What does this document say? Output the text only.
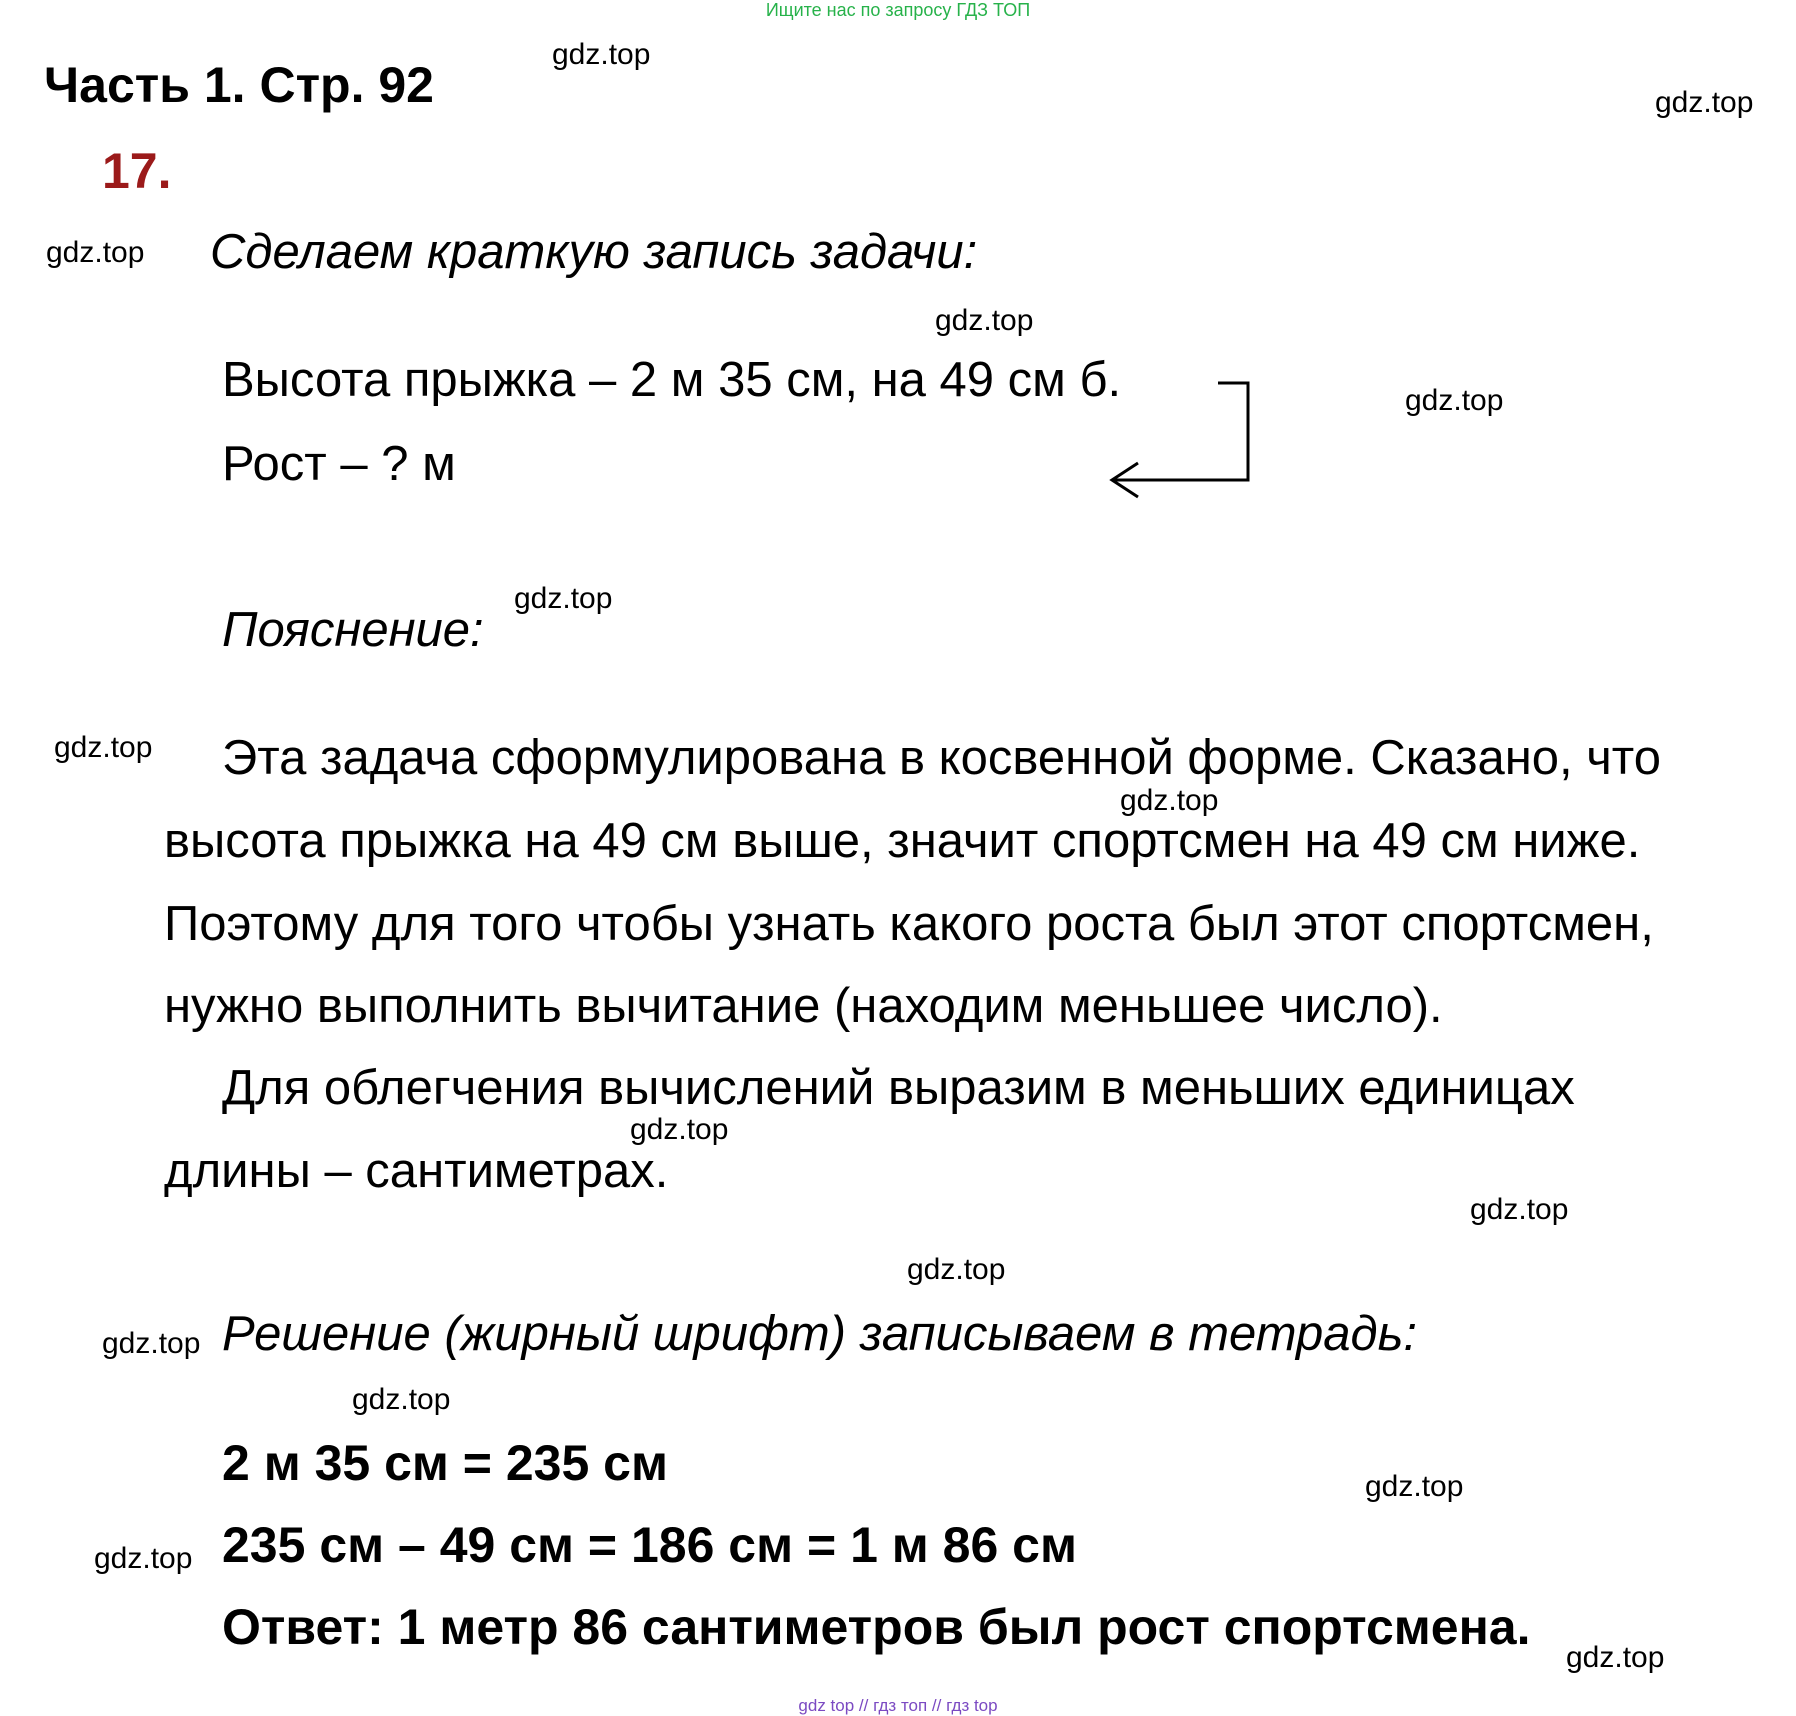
Ищите нас по запросу ГДЗ ТОП
Часть 1. Стр. 92
17.
Сделаем краткую запись задачи:
Высота прыжка – 2 м 35 см, на 49 см б.
Рост – ? м
Пояснение:
Эта задача сформулирована в косвенной форме. Сказано, что
высота прыжка на 49 см выше, значит спортсмен на 49 см ниже.
Поэтому для того чтобы узнать какого роста был этот спортсмен,
нужно выполнить вычитание (находим меньшее число).
Для облегчения вычислений выразим в меньших единицах
длины – сантиметрах.
Решение (жирный шрифт) записываем в тетрадь:
2 м 35 см = 235 см
235 см – 49 см = 186 см = 1 м 86 см
Ответ: 1 метр 86 сантиметров был рост спортсмена.
gdz.top
gdz.top
gdz.top
gdz.top
gdz.top
gdz.top
gdz.top
gdz.top
gdz.top
gdz.top
gdz.top
gdz.top
gdz.top
gdz.top
gdz.top
gdz.top
gdz top // гдз топ // гдз top
